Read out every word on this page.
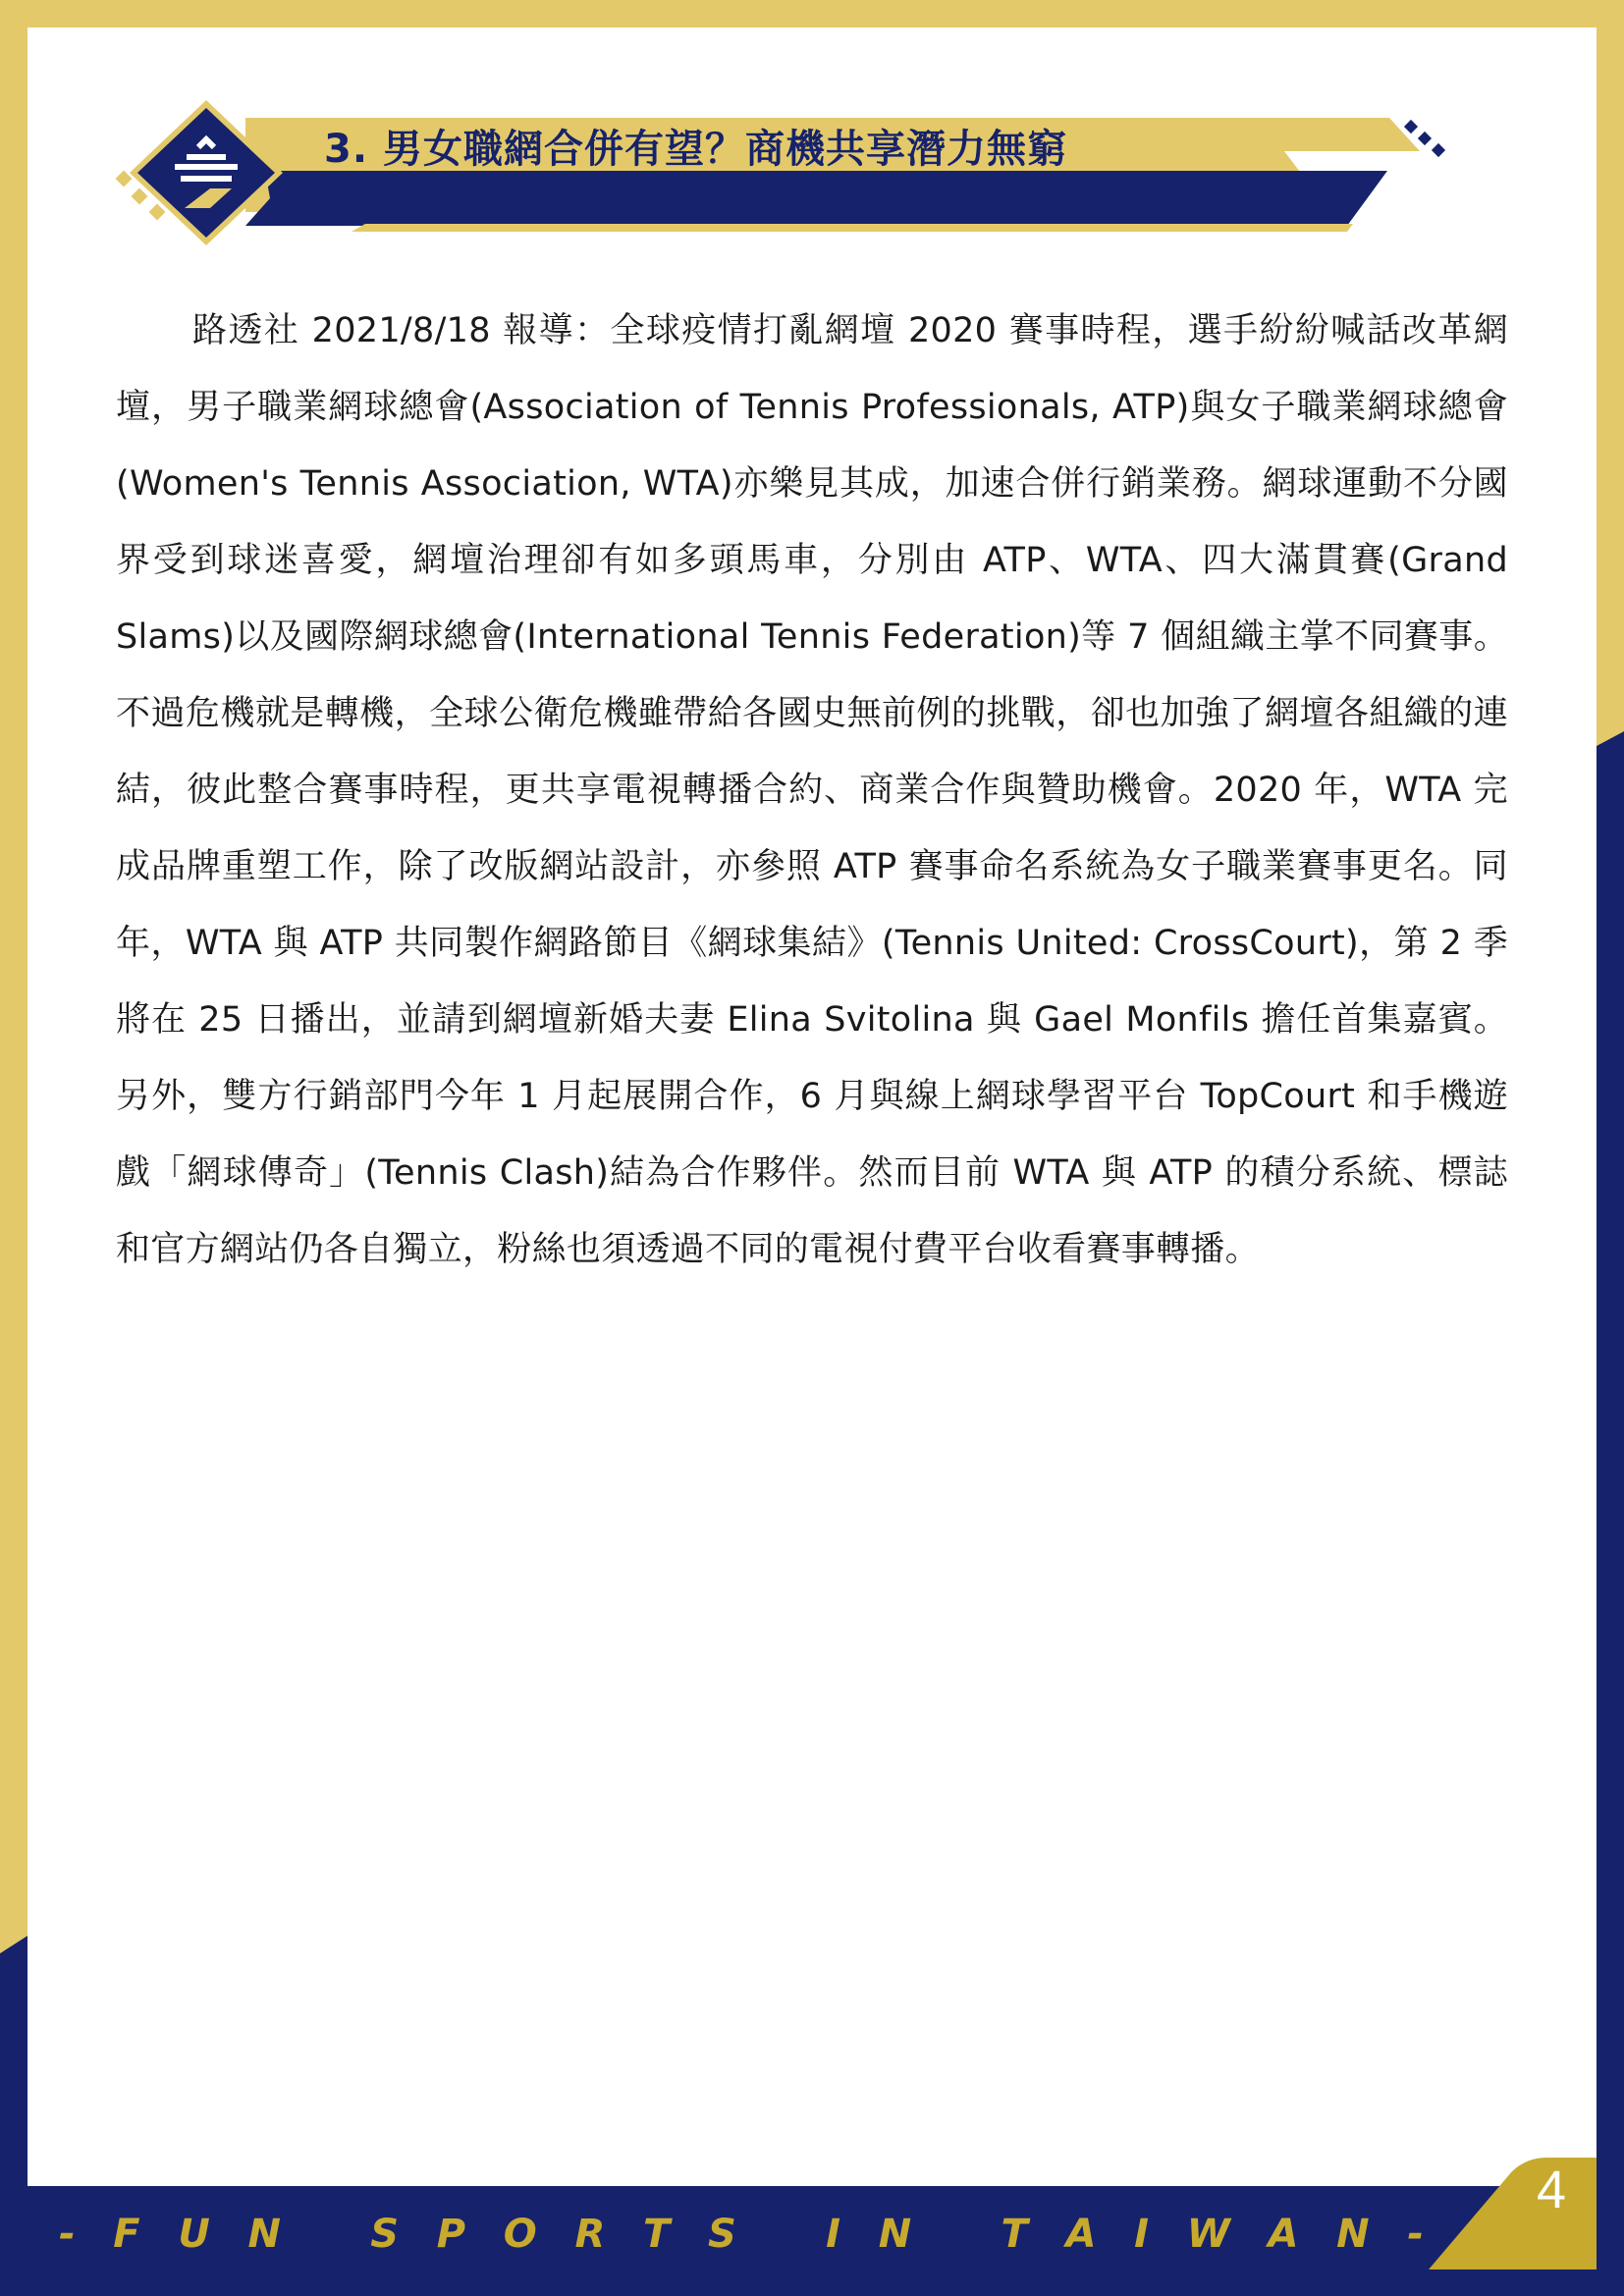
3. 男女職網合併有望？商機共享潛力無窮
路透社 2021/8/18 報導：全球疫情打亂網壇 2020 賽事時程，選手紛紛喊話改革網壇，男子職業網球總會(Association of Tennis Professionals, ATP)與女子職業網球總會(Women's Tennis Association, WTA)亦樂見其成，加速合併行銷業務。網球運動不分國界受到球迷喜愛，網壇治理卻有如多頭馬車，分別由 ATP、WTA、四大滿貫賽(Grand Slams)以及國際網球總會(International Tennis Federation)等 7 個組織主掌不同賽事。不過危機就是轉機，全球公衛危機雖帶給各國史無前例的挑戰，卻也加強了網壇各組織的連結，彼此整合賽事時程，更共享電視轉播合約、商業合作與贊助機會。2020 年，WTA 完成品牌重塑工作，除了改版網站設計，亦參照 ATP 賽事命名系統為女子職業賽事更名。同年，WTA 與 ATP 共同製作網路節目《網球集結》(Tennis United: CrossCourt)，第 2 季將在 25 日播出，並請到網壇新婚夫妻 Elina Svitolina 與 Gael Monfils 擔任首集嘉賓。另外，雙方行銷部門今年 1 月起展開合作，6 月與線上網球學習平台 TopCourt 和手機遊戲「網球傳奇」(Tennis Clash)結為合作夥伴。然而目前 WTA 與 ATP 的積分系統、標誌和官方網站仍各自獨立，粉絲也須透過不同的電視付費平台收看賽事轉播。
- F U N
S P O R T S
I N
T A I W A N -
4
